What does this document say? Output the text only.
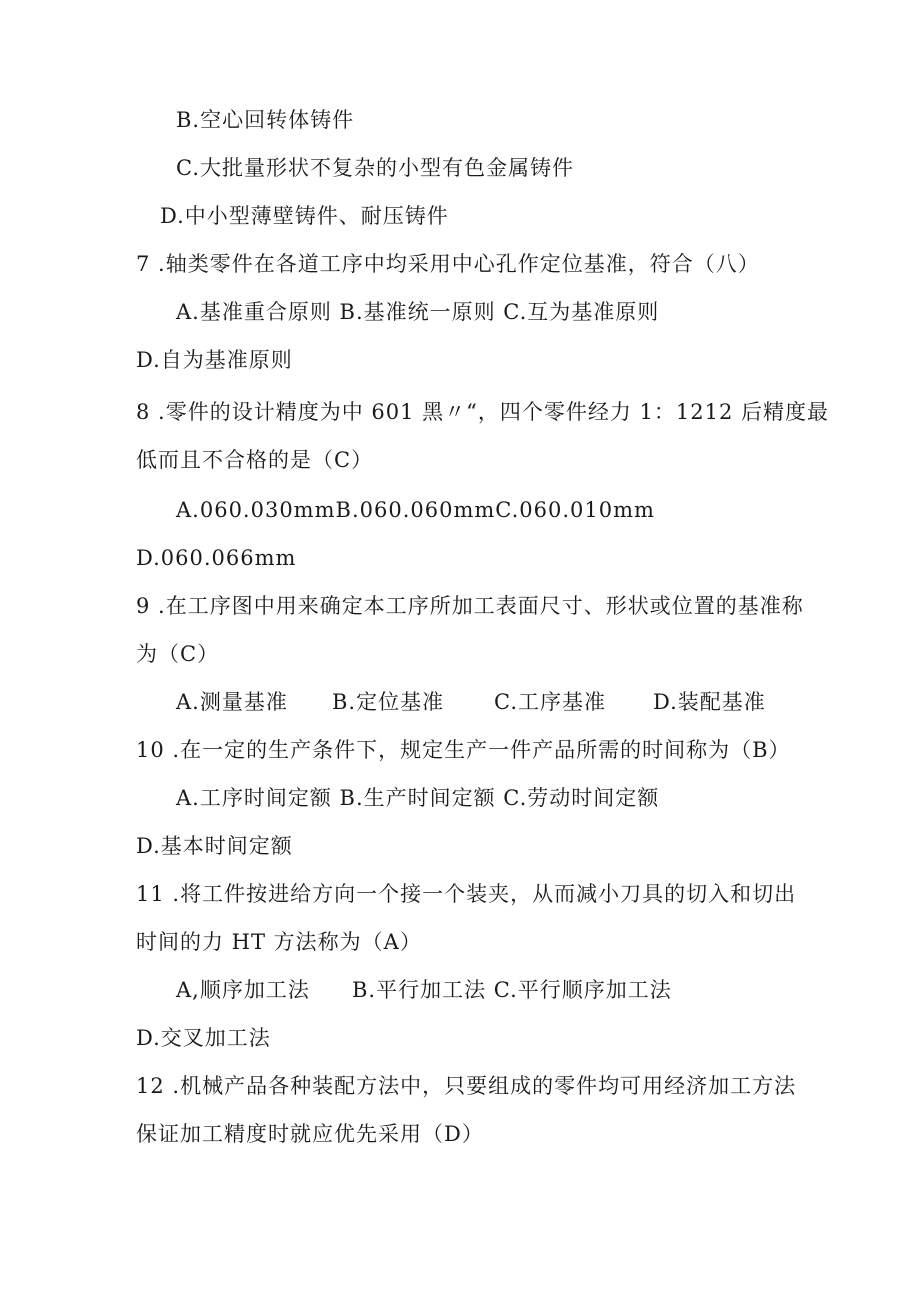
B.空心回转体铸件
C.大批量形状不复杂的小型有色金属铸件
D.中小型薄壁铸件、耐压铸件
7 .轴类零件在各道工序中均采用中心孔作定位基准，符合（八）
A.基准重合原则 B.基准统一原则 C.互为基准原则
D.自为基准原则
8 .零件的设计精度为中 601 黑〃“，四个零件经力 1：1212 后精度最
低而且不合格的是（C）
A.060.030mmB.060.060mmC.060.010mm
D.060.066mm
9 .在工序图中用来确定本工序所加工表面尺寸、形状或位置的基准称
为（C）
A.测量基准 B.定位基准 C.工序基准 D.装配基准
10 .在一定的生产条件下，规定生产一件产品所需的时间称为（B）
A.工序时间定额 B.生产时间定额 C.劳动时间定额
D.基本时间定额
11 .将工件按进给方向一个接一个装夹，从而减小刀具的切入和切出
时间的力 HT 方法称为（A）
A,顺序加工法 B.平行加工法 C.平行顺序加工法
D.交叉加工法
12 .机械产品各种装配方法中，只要组成的零件均可用经济加工方法
保证加工精度时就应优先采用（D）
